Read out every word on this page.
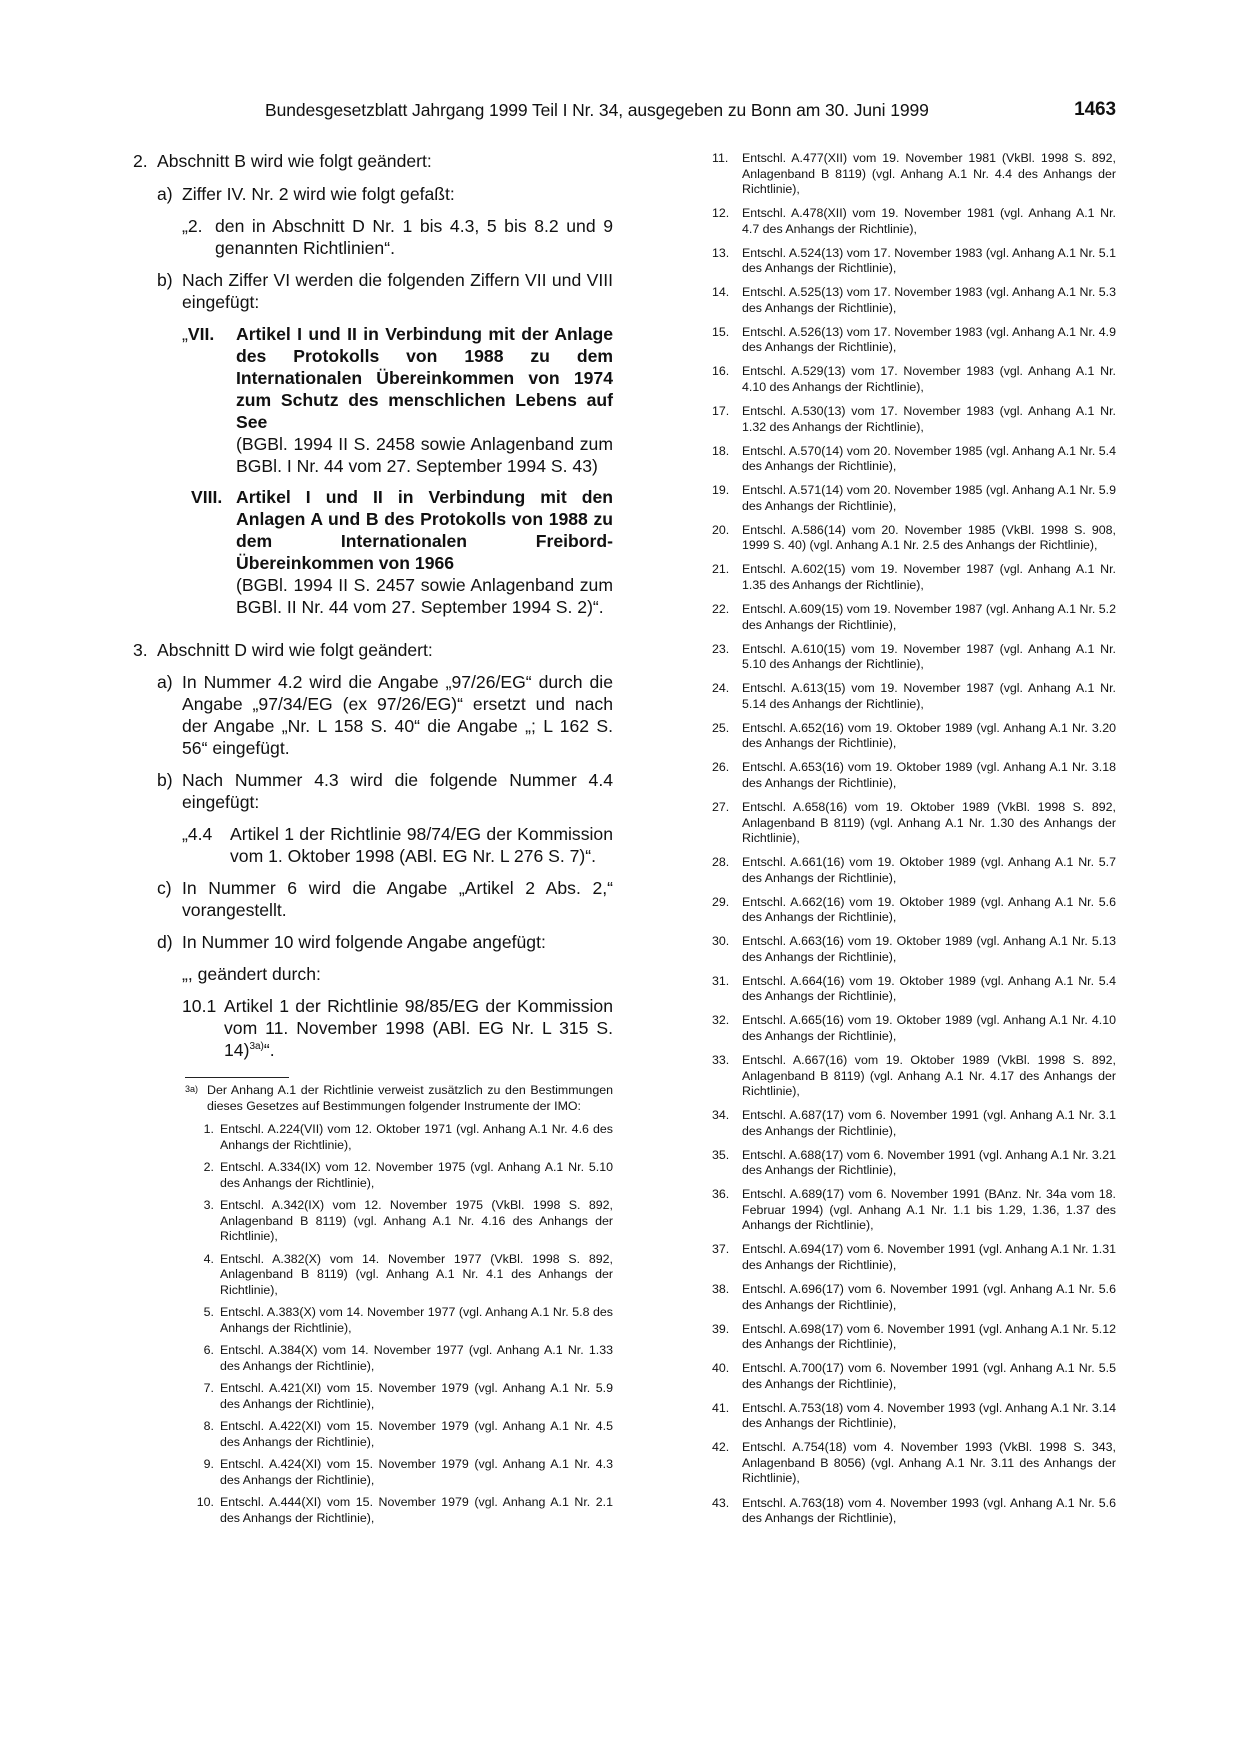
Bundesgesetzblatt Jahrgang 1999 Teil I Nr. 34, ausgegeben zu Bonn am 30. Juni 1999	1463
2. Abschnitt B wird wie folgt geändert:
a) Ziffer IV. Nr. 2 wird wie folgt gefaßt:
„2. den in Abschnitt D Nr. 1 bis 4.3, 5 bis 8.2 und 9 genannten Richtlinien“.
b) Nach Ziffer VI werden die folgenden Ziffern VII und VIII eingefügt:
„VII. Artikel I und II in Verbindung mit der Anlage des Protokolls von 1988 zu dem Internationalen Übereinkommen von 1974 zum Schutz des menschlichen Lebens auf See
(BGBl. 1994 II S. 2458 sowie Anlagenband zum BGBl. I Nr. 44 vom 27. September 1994 S. 43)
VIII. Artikel I und II in Verbindung mit den Anlagen A und B des Protokolls von 1988 zu dem Internationalen Freibord-Übereinkommen von 1966
(BGBl. 1994 II S. 2457 sowie Anlagenband zum BGBl. II Nr. 44 vom 27. September 1994 S. 2)“.
3. Abschnitt D wird wie folgt geändert:
a) In Nummer 4.2 wird die Angabe „97/26/EG“ durch die Angabe „97/34/EG (ex 97/26/EG)“ ersetzt und nach der Angabe „Nr. L 158 S. 40“ die Angabe „; L 162 S. 56“ eingefügt.
b) Nach Nummer 4.3 wird die folgende Nummer 4.4 eingefügt:
„4.4 Artikel 1 der Richtlinie 98/74/EG der Kommission vom 1. Oktober 1998 (ABl. EG Nr. L 276 S. 7)“.
c) In Nummer 6 wird die Angabe „Artikel 2 Abs. 2,“ vorangestellt.
d) In Nummer 10 wird folgende Angabe angefügt:
„, geändert durch:
10.1 Artikel 1 der Richtlinie 98/85/EG der Kommission vom 11. November 1998 (ABl. EG Nr. L 315 S. 14)$^{3a)}$“.
3a) Der Anhang A.1 der Richtlinie verweist zusätzlich zu den Bestimmungen dieses Gesetzes auf Bestimmungen folgender Instrumente der IMO:
1. Entschl. A.224(VII) vom 12. Oktober 1971 (vgl. Anhang A.1 Nr. 4.6 des Anhangs der Richtlinie),
2. Entschl. A.334(IX) vom 12. November 1975 (vgl. Anhang A.1 Nr. 5.10 des Anhangs der Richtlinie),
3. Entschl. A.342(IX) vom 12. November 1975 (VkBl. 1998 S. 892, Anlagenband B 8119) (vgl. Anhang A.1 Nr. 4.16 des Anhangs der Richtlinie),
4. Entschl. A.382(X) vom 14. November 1977 (VkBl. 1998 S. 892, Anlagenband B 8119) (vgl. Anhang A.1 Nr. 4.1 des Anhangs der Richtlinie),
5. Entschl. A.383(X) vom 14. November 1977 (vgl. Anhang A.1 Nr. 5.8 des Anhangs der Richtlinie),
6. Entschl. A.384(X) vom 14. November 1977 (vgl. Anhang A.1 Nr. 1.33 des Anhangs der Richtlinie),
7. Entschl. A.421(XI) vom 15. November 1979 (vgl. Anhang A.1 Nr. 5.9 des Anhangs der Richtlinie),
8. Entschl. A.422(XI) vom 15. November 1979 (vgl. Anhang A.1 Nr. 4.5 des Anhangs der Richtlinie),
9. Entschl. A.424(XI) vom 15. November 1979 (vgl. Anhang A.1 Nr. 4.3 des Anhangs der Richtlinie),
10. Entschl. A.444(XI) vom 15. November 1979 (vgl. Anhang A.1 Nr. 2.1 des Anhangs der Richtlinie),
11.	Entschl. A.477(XII) vom 19. November 1981 (VkBl. 1998 S. 892, Anlagenband B 8119) (vgl. Anhang A.1 Nr. 4.4 des Anhangs der Richtlinie),
12.	Entschl. A.478(XII) vom 19. November 1981 (vgl. Anhang A.1 Nr. 4.7 des Anhangs der Richtlinie),
13.	Entschl. A.524(13) vom 17. November 1983 (vgl. Anhang A.1 Nr. 5.1 des Anhangs der Richtlinie),
14.	Entschl. A.525(13) vom 17. November 1983 (vgl. Anhang A.1 Nr. 5.3 des Anhangs der Richtlinie),
15.	Entschl. A.526(13) vom 17. November 1983 (vgl. Anhang A.1 Nr. 4.9 des Anhangs der Richtlinie),
16.	Entschl. A.529(13) vom 17. November 1983 (vgl. Anhang A.1 Nr. 4.10 des Anhangs der Richtlinie),
17.	Entschl. A.530(13) vom 17. November 1983 (vgl. Anhang A.1 Nr. 1.32 des Anhangs der Richtlinie),
18.	Entschl. A.570(14) vom 20. November 1985 (vgl. Anhang A.1 Nr. 5.4 des Anhangs der Richtlinie),
19.	Entschl. A.571(14) vom 20. November 1985 (vgl. Anhang A.1 Nr. 5.9 des Anhangs der Richtlinie),
20.	Entschl. A.586(14) vom 20. November 1985 (VkBl. 1998 S. 908, 1999 S. 40) (vgl. Anhang A.1 Nr. 2.5 des Anhangs der Richtlinie),
21.	Entschl. A.602(15) vom 19. November 1987 (vgl. Anhang A.1 Nr. 1.35 des Anhangs der Richtlinie),
22.	Entschl. A.609(15) vom 19. November 1987 (vgl. Anhang A.1 Nr. 5.2 des Anhangs der Richtlinie),
23.	Entschl. A.610(15) vom 19. November 1987 (vgl. Anhang A.1 Nr. 5.10 des Anhangs der Richtlinie),
24.	Entschl. A.613(15) vom 19. November 1987 (vgl. Anhang A.1 Nr. 5.14 des Anhangs der Richtlinie),
25.	Entschl. A.652(16) vom 19. Oktober 1989 (vgl. Anhang A.1 Nr. 3.20 des Anhangs der Richtlinie),
26.	Entschl. A.653(16) vom 19. Oktober 1989 (vgl. Anhang A.1 Nr. 3.18 des Anhangs der Richtlinie),
27.	Entschl. A.658(16) vom 19. Oktober 1989 (VkBl. 1998 S. 892, Anlagenband B 8119) (vgl. Anhang A.1 Nr. 1.30 des Anhangs der Richtlinie),
28.	Entschl. A.661(16) vom 19. Oktober 1989 (vgl. Anhang A.1 Nr. 5.7 des Anhangs der Richtlinie),
29.	Entschl. A.662(16) vom 19. Oktober 1989 (vgl. Anhang A.1 Nr. 5.6 des Anhangs der Richtlinie),
30.	Entschl. A.663(16) vom 19. Oktober 1989 (vgl. Anhang A.1 Nr. 5.13 des Anhangs der Richtlinie),
31.	Entschl. A.664(16) vom 19. Oktober 1989 (vgl. Anhang A.1 Nr. 5.4 des Anhangs der Richtlinie),
32.	Entschl. A.665(16) vom 19. Oktober 1989 (vgl. Anhang A.1 Nr. 4.10 des Anhangs der Richtlinie),
33.	Entschl. A.667(16) vom 19. Oktober 1989 (VkBl. 1998 S. 892, Anlagenband B 8119) (vgl. Anhang A.1 Nr. 4.17 des Anhangs der Richtlinie),
34.	Entschl. A.687(17) vom 6. November 1991 (vgl. Anhang A.1 Nr. 3.1 des Anhangs der Richtlinie),
35.	Entschl. A.688(17) vom 6. November 1991 (vgl. Anhang A.1 Nr. 3.21 des Anhangs der Richtlinie),
36.	Entschl. A.689(17) vom 6. November 1991 (BAnz. Nr. 34a vom 18. Februar 1994) (vgl. Anhang A.1 Nr. 1.1 bis 1.29, 1.36, 1.37 des Anhangs der Richtlinie),
37.	Entschl. A.694(17) vom 6. November 1991 (vgl. Anhang A.1 Nr. 1.31 des Anhangs der Richtlinie),
38.	Entschl. A.696(17) vom 6. November 1991 (vgl. Anhang A.1 Nr. 5.6 des Anhangs der Richtlinie),
39.	Entschl. A.698(17) vom 6. November 1991 (vgl. Anhang A.1 Nr. 5.12 des Anhangs der Richtlinie),
40.	Entschl. A.700(17) vom 6. November 1991 (vgl. Anhang A.1 Nr. 5.5 des Anhangs der Richtlinie),
41.	Entschl. A.753(18) vom 4. November 1993 (vgl. Anhang A.1 Nr. 3.14 des Anhangs der Richtlinie),
42.	Entschl. A.754(18) vom 4. November 1993 (VkBl. 1998 S. 343, Anlagenband B 8056) (vgl. Anhang A.1 Nr. 3.11 des Anhangs der Richtlinie),
43.	Entschl. A.763(18) vom 4. November 1993 (vgl. Anhang A.1 Nr. 5.6 des Anhangs der Richtlinie),
